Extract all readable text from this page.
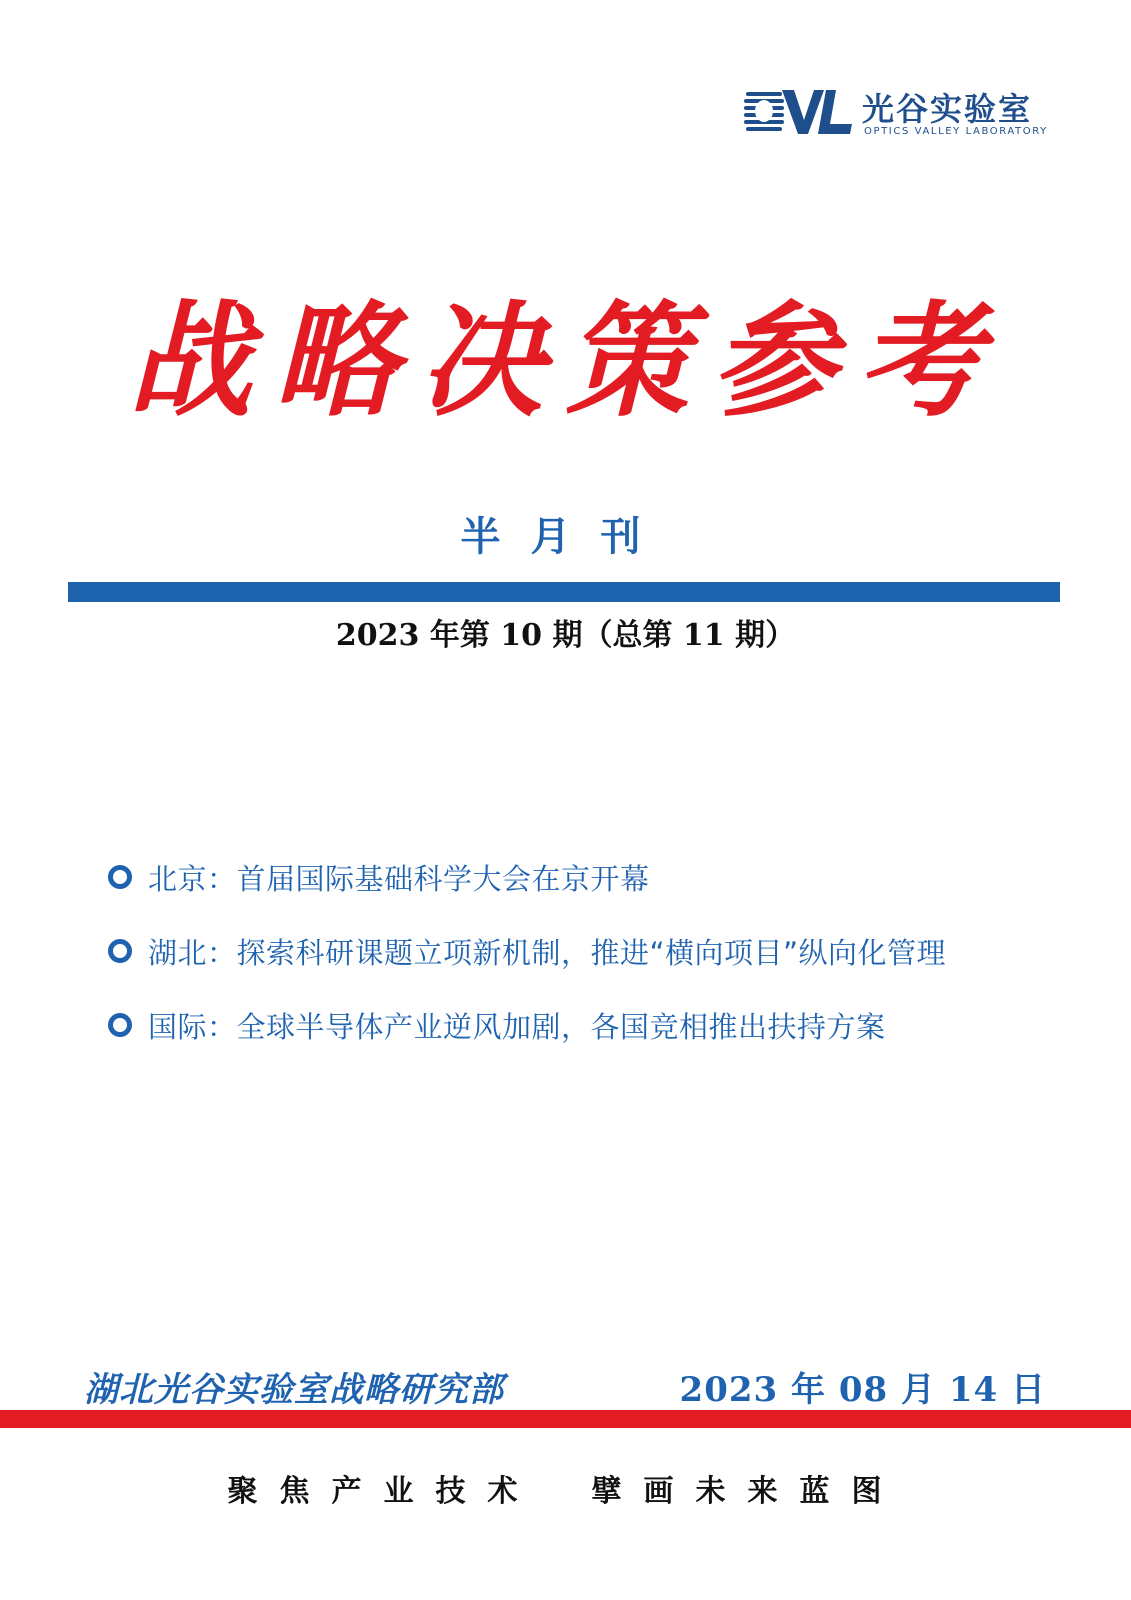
光谷实验室
OPTICS VALLEY LABORATORY
战略决策参考
半月刊
2023 年第 10 期（总第 11 期）
北京：首届国际基础科学大会在京开幕
湖北：探索科研课题立项新机制，推进“横向项目”纵向化管理
国际：全球半导体产业逆风加剧，各国竞相推出扶持方案
湖北光谷实验室战略研究部	2023 年 08 月 14 日
聚焦产业技术　擘画未来蓝图
